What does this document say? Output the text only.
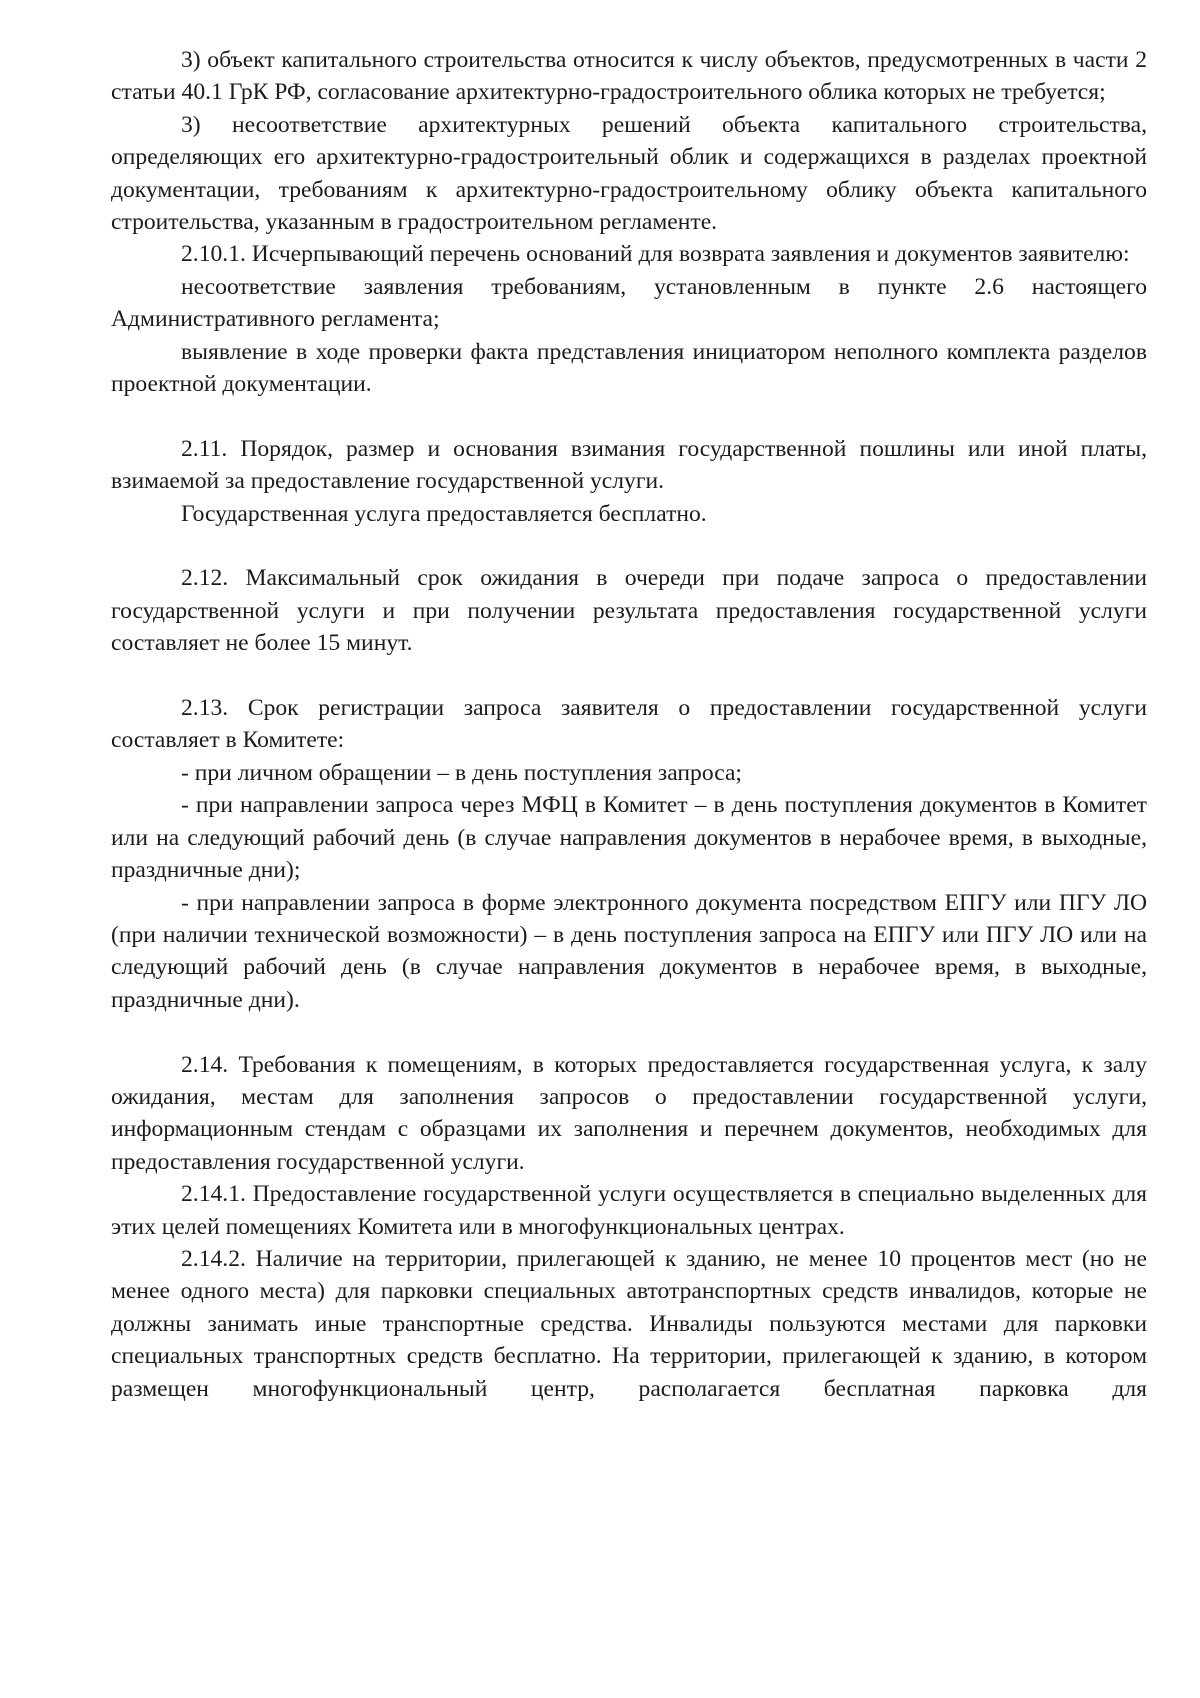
3) объект капитального строительства относится к числу объектов, предусмотренных в части 2 статьи 40.1 ГрК РФ, согласование архитектурно-градостроительного облика которых не требуется;

3) несоответствие архитектурных решений объекта капитального строительства, определяющих его архитектурно-градостроительный облик и содержащихся в разделах проектной документации, требованиям к архитектурно-градостроительному облику объекта капитального строительства, указанным в градостроительном регламенте.

2.10.1. Исчерпывающий перечень оснований для возврата заявления и документов заявителю:

несоответствие заявления требованиям, установленным в пункте 2.6 настоящего Административного регламента;

выявление в ходе проверки факта представления инициатором неполного комплекта разделов проектной документации.

2.11. Порядок, размер и основания взимания государственной пошлины или иной платы, взимаемой за предоставление государственной услуги.

Государственная услуга предоставляется бесплатно.

2.12. Максимальный срок ожидания в очереди при подаче запроса о предоставлении государственной услуги и при получении результата предоставления государственной услуги составляет не более 15 минут.

2.13. Срок регистрации запроса заявителя о предоставлении государственной услуги составляет в Комитете:

- при личном обращении – в день поступления запроса;

- при направлении запроса через МФЦ в Комитет – в день поступления документов в Комитет или на следующий рабочий день (в случае направления документов в нерабочее время, в выходные, праздничные дни);

- при направлении запроса в форме электронного документа посредством ЕПГУ или ПГУ ЛО (при наличии технической возможности) – в день поступления запроса на ЕПГУ или ПГУ ЛО или на следующий рабочий день (в случае направления документов в нерабочее время, в выходные, праздничные дни).

2.14. Требования к помещениям, в которых предоставляется государственная услуга, к залу ожидания, местам для заполнения запросов о предоставлении государственной услуги, информационным стендам с образцами их заполнения и перечнем документов, необходимых для предоставления государственной услуги.

2.14.1. Предоставление государственной услуги осуществляется в специально выделенных для этих целей помещениях Комитета или в многофункциональных центрах.

2.14.2. Наличие на территории, прилегающей к зданию, не менее 10 процентов мест (но не менее одного места) для парковки специальных автотранспортных средств инвалидов, которые не должны занимать иные транспортные средства. Инвалиды пользуются местами для парковки специальных транспортных средств бесплатно. На территории, прилегающей к зданию, в котором размещен многофункциональный центр, располагается бесплатная парковка для
